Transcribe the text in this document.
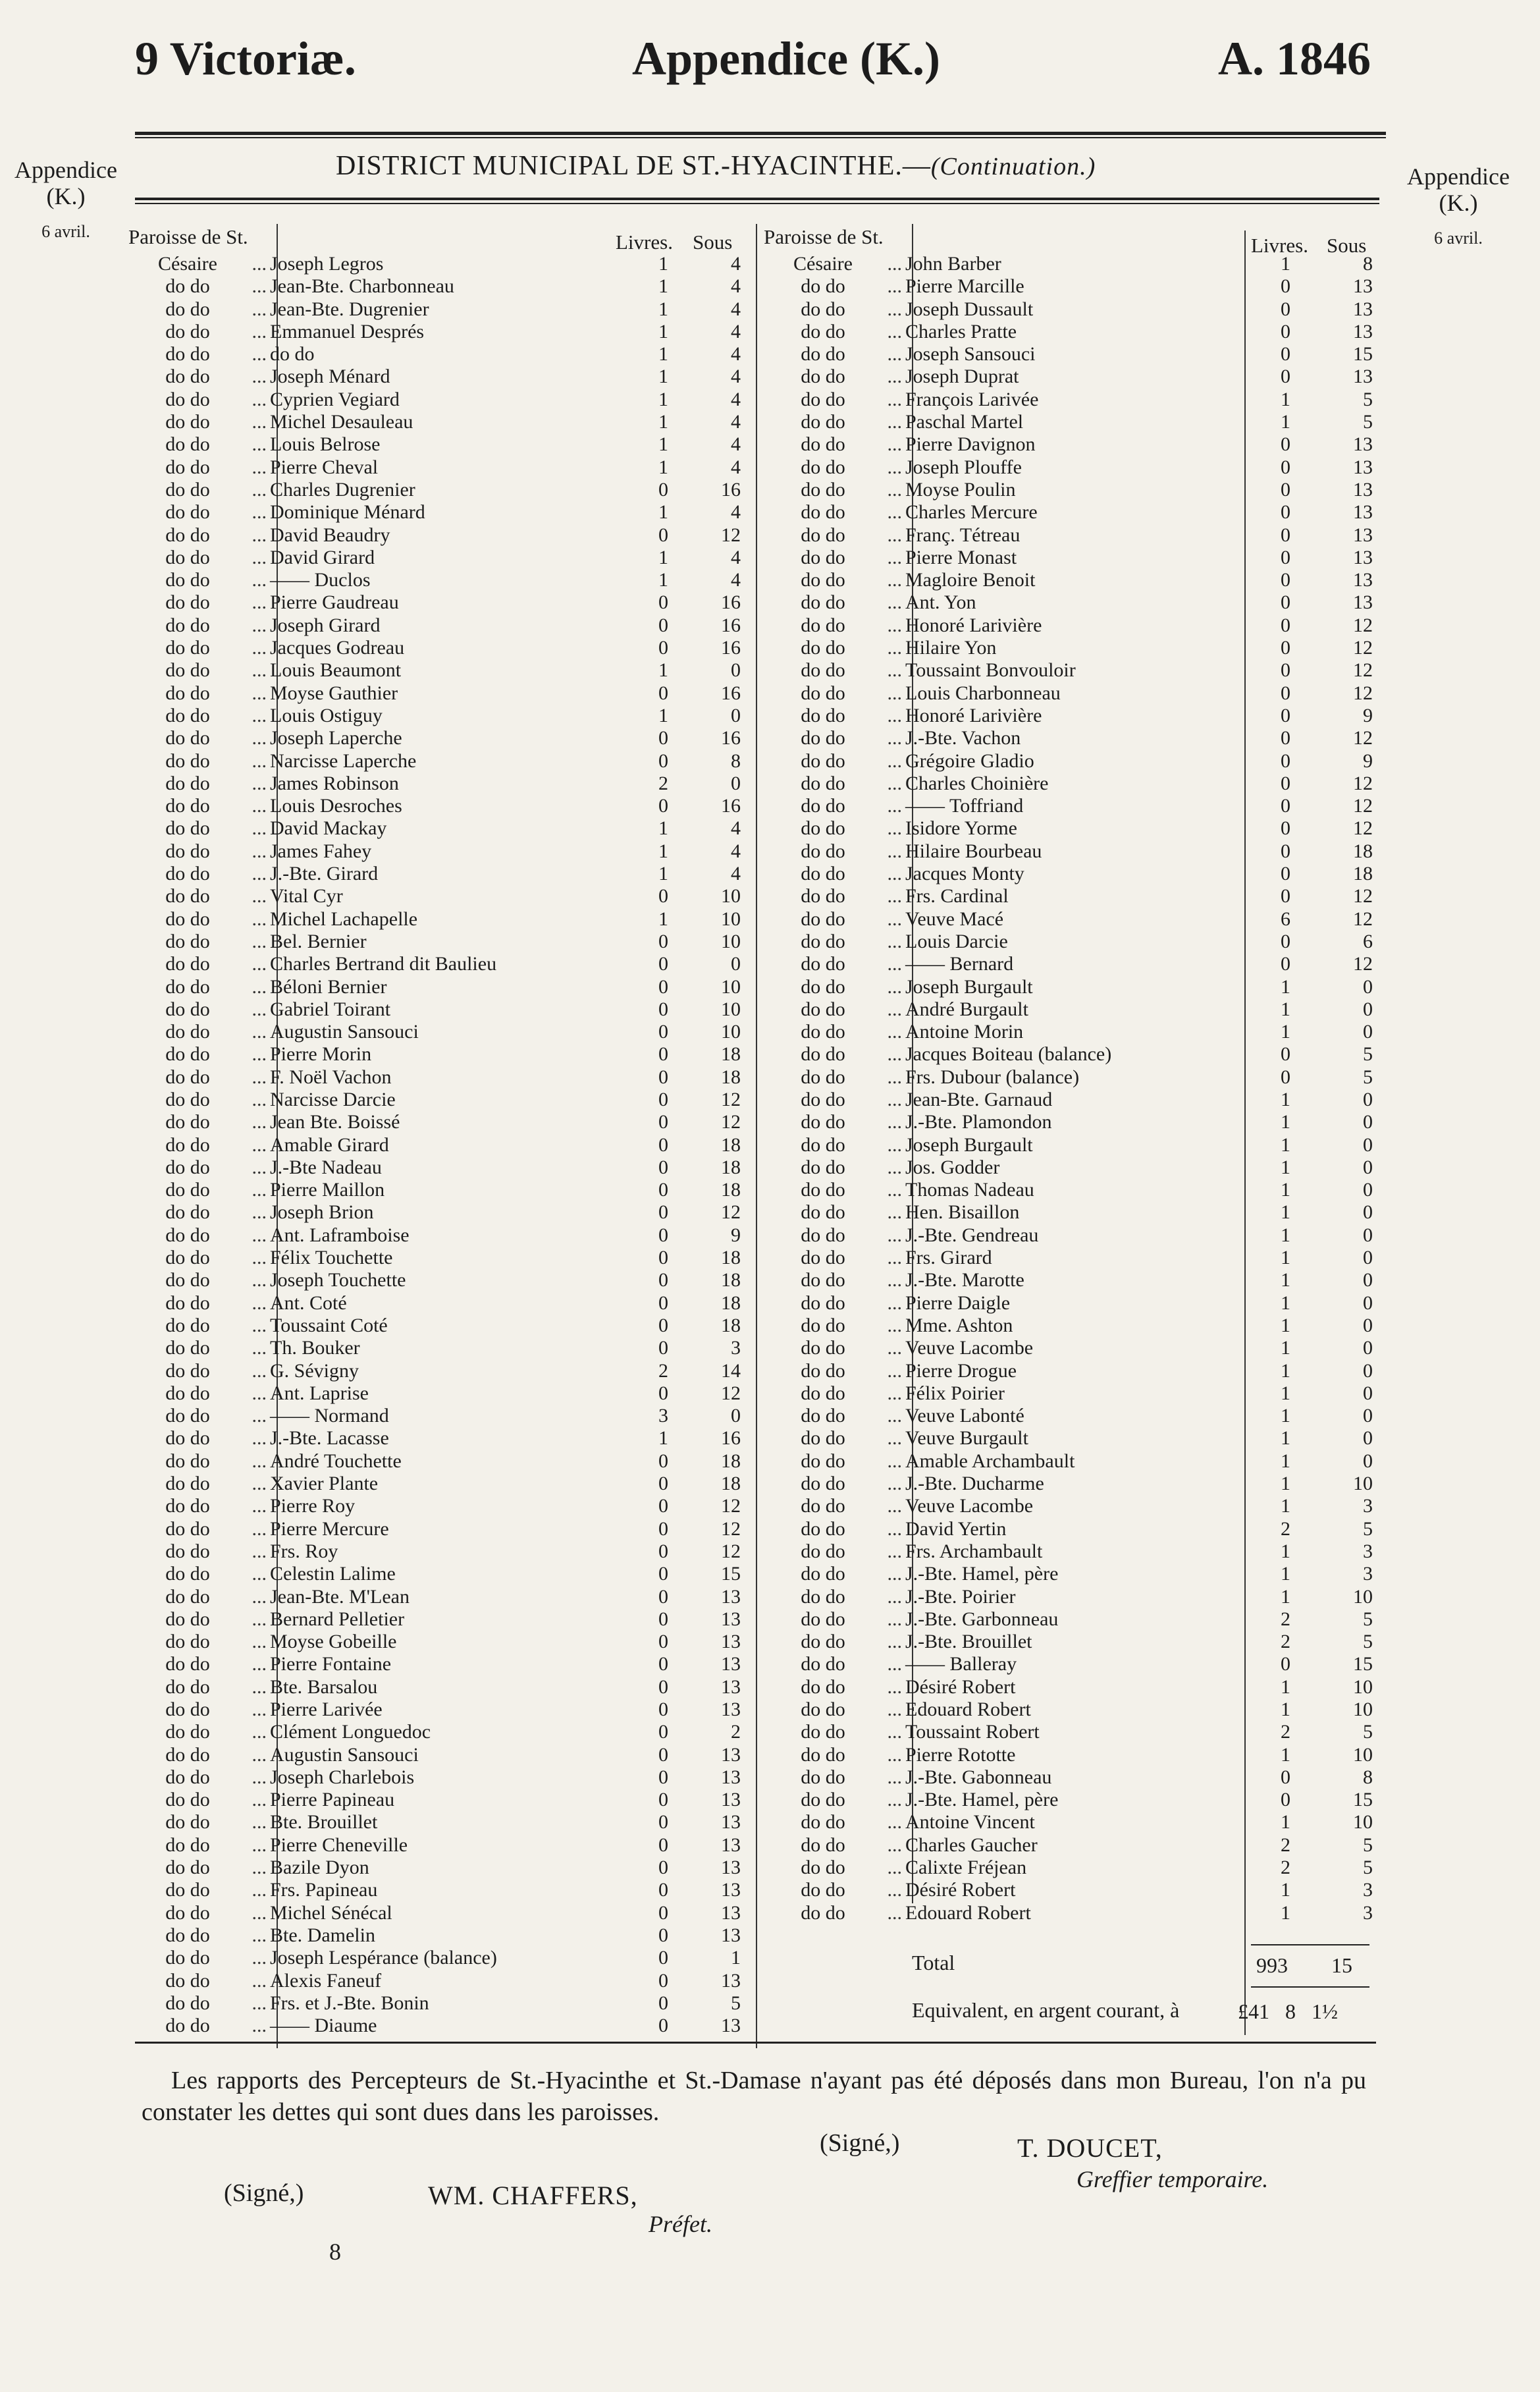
9 Victoriæ.	Appendice (K.)	A. 1846
Appendice
(K.)
6 avril.
Appendice
(K.)
6 avril.
DISTRICT MUNICIPAL DE ST.-HYACINTHE.—(Continuation.)
Paroisse de St.	Livres. Sous Paroisse de St.	Livres. Sous
Césaire	... Joseph Legros	1	4
do do	... Jean-Bte. Charbonneau	1	4
do do	... Jean-Bte. Dugrenier	1	4
do do	... Emmanuel Després	1	4
do do	... do do	1	4
do do	... Joseph Ménard	1	4
do do	... Cyprien Vegiard	1	4
do do	... Michel Desauleau	1	4
do do	... Louis Belrose	1	4
do do	... Pierre Cheval	1	4
do do	... Charles Dugrenier	0	16
do do	... Dominique Ménard	1	4
do do	... David Beaudry	0	12
do do	... David Girard	1	4
do do	... —— Duclos	1	4
do do	... Pierre Gaudreau	0	16
do do	... Joseph Girard	0	16
do do	... Jacques Godreau	0	16
do do	... Louis Beaumont	1	0
do do	... Moyse Gauthier	0	16
do do	... Louis Ostiguy	1	0
do do	... Joseph Laperche	0	16
do do	... Narcisse Laperche	0	8
do do	... James Robinson	2	0
do do	... Louis Desroches	0	16
do do	... David Mackay	1	4
do do	... James Fahey	1	4
do do	... J.-Bte. Girard	1	4
do do	... Vital Cyr	0	10
do do	... Michel Lachapelle	1	10
do do	... Bel. Bernier	0	10
do do	... Charles Bertrand dit Baulieu	0	0
do do	... Béloni Bernier	0	10
do do	... Gabriel Toirant	0	10
do do	... Augustin Sansouci	0	10
do do	... Pierre Morin	0	18
do do	... F. Noël Vachon	0	18
do do	... Narcisse Darcie	0	12
do do	... Jean Bte. Boissé	0	12
do do	... Amable Girard	0	18
do do	... J.-Bte Nadeau	0	18
do do	... Pierre Maillon	0	18
do do	... Joseph Brion	0	12
do do	... Ant. Laframboise	0	9
do do	... Félix Touchette	0	18
do do	... Joseph Touchette	0	18
do do	... Ant. Coté	0	18
do do	... Toussaint Coté	0	18
do do	... Th. Bouker	0	3
do do	... G. Sévigny	2	14
do do	... Ant. Laprise	0	12
do do	... —— Normand	3	0
do do	... J.-Bte. Lacasse	1	16
do do	... André Touchette	0	18
do do	... Xavier Plante	0	18
do do	... Pierre Roy	0	12
do do	... Pierre Mercure	0	12
do do	... Frs. Roy	0	12
do do	... Celestin Lalime	0	15
do do	... Jean-Bte. M'Lean	0	13
do do	... Bernard Pelletier	0	13
do do	... Moyse Gobeille	0	13
do do	... Pierre Fontaine	0	13
do do	... Bte. Barsalou	0	13
do do	... Pierre Larivée	0	13
do do	... Clément Longuedoc	0	2
do do	... Augustin Sansouci	0	13
do do	... Joseph Charlebois	0	13
do do	... Pierre Papineau	0	13
do do	... Bte. Brouillet	0	13
do do	... Pierre Cheneville	0	13
do do	... Bazile Dyon	0	13
do do	... Frs. Papineau	0	13
do do	... Michel Sénécal	0	13
do do	... Bte. Damelin	0	13
do do	... Joseph Lespérance (balance)	0	1
do do	... Alexis Faneuf	0	13
do do	... Frs. et J.-Bte. Bonin	0	5
do do	... —— Diaume	0	13
Césaire	... John Barber	1	8
do do	... Pierre Marcille	0	13
do do	... Joseph Dussault	0	13
do do	... Charles Pratte	0	13
do do	... Joseph Sansouci	0	15
do do	... Joseph Duprat	0	13
do do	... François Larivée	1	5
do do	... Paschal Martel	1	5
do do	... Pierre Davignon	0	13
do do	... Joseph Plouffe	0	13
do do	... Moyse Poulin	0	13
do do	... Charles Mercure	0	13
do do	... Franç. Tétreau	0	13
do do	... Pierre Monast	0	13
do do	... Magloire Benoit	0	13
do do	... Ant. Yon	0	13
do do	... Honoré Larivière	0	12
do do	... Hilaire Yon	0	12
do do	... Toussaint Bonvouloir	0	12
do do	... Louis Charbonneau	0	12
do do	... Honoré Larivière	0	9
do do	... J.-Bte. Vachon	0	12
do do	... Grégoire Gladio	0	9
do do	... Charles Choinière	0	12
do do	... —— Toffriand	0	12
do do	... Isidore Yorme	0	12
do do	... Hilaire Bourbeau	0	18
do do	... Jacques Monty	0	18
do do	... Frs. Cardinal	0	12
do do	... Veuve Macé	6	12
do do	... Louis Darcie	0	6
do do	... —— Bernard	0	12
do do	... Joseph Burgault	1	0
do do	... André Burgault	1	0
do do	... Antoine Morin	1	0
do do	... Jacques Boiteau (balance)	0	5
do do	... Frs. Dubour (balance)	0	5
do do	... Jean-Bte. Garnaud	1	0
do do	... J.-Bte. Plamondon	1	0
do do	... Joseph Burgault	1	0
do do	... Jos. Godder	1	0
do do	... Thomas Nadeau	1	0
do do	... Hen. Bisaillon	1	0
do do	... J.-Bte. Gendreau	1	0
do do	... Frs. Girard	1	0
do do	... J.-Bte. Marotte	1	0
do do	... Pierre Daigle	1	0
do do	... Mme. Ashton	1	0
do do	... Veuve Lacombe	1	0
do do	... Pierre Drogue	1	0
do do	... Félix Poirier	1	0
do do	... Veuve Labonté	1	0
do do	... Veuve Burgault	1	0
do do	... Amable Archambault	1	0
do do	... J.-Bte. Ducharme	1	10
do do	... Veuve Lacombe	1	3
do do	... David Yertin	2	5
do do	... Frs. Archambault	1	3
do do	... J.-Bte. Hamel, père	1	3
do do	... J.-Bte. Poirier	1	10
do do	... J.-Bte. Garbonneau	2	5
do do	... J.-Bte. Brouillet	2	5
do do	... —— Balleray	0	15
do do	... Désiré Robert	1	10
do do	... Edouard Robert	1	10
do do	... Toussaint Robert	2	5
do do	... Pierre Rototte	1	10
do do	... J.-Bte. Gabonneau	0	8
do do	... J.-Bte. Hamel, père	0	15
do do	... Antoine Vincent	1	10
do do	... Charles Gaucher	2	5
do do	... Calixte Fréjean	2	5
do do	... Désiré Robert	1	3
do do	... Edouard Robert	1	3
Total	993 15
Equivalent, en argent courant, à	£41   8   1½
Les rapports des Percepteurs de St.-Hyacinthe et St.-Damase n'ayant pas été déposés dans mon Bureau, l'on n'a pu constater les dettes qui sont dues dans les paroisses.
(Signé,)	T. DOUCET,
Greffier temporaire.
(Signé,)	WM. CHAFFERS,
Préfet.
8
